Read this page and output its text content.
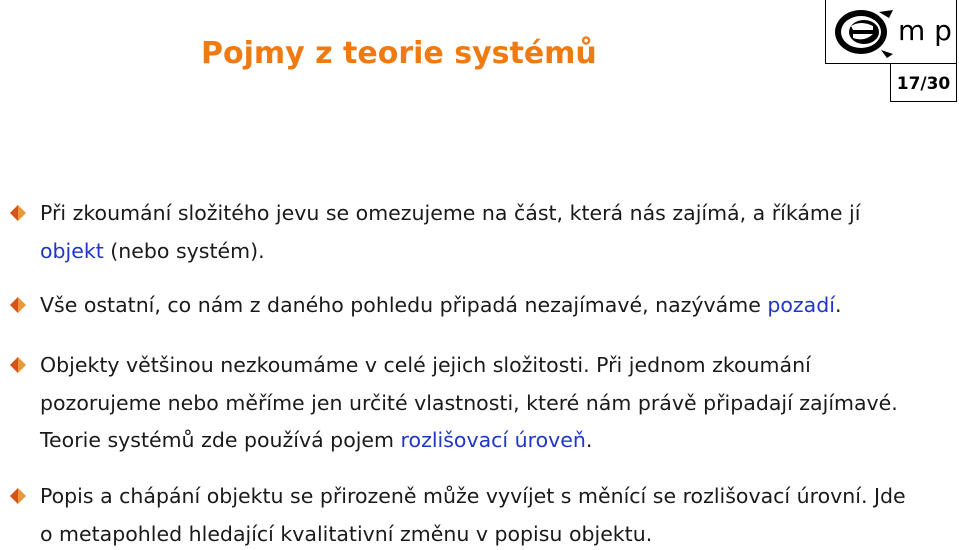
Pojmy z teorie systémů
m p
17/30

Při zkoumání složitého jevu se omezujeme na část, která nás zajímá, a říkáme jí objekt (nebo systém).

Vše ostatní, co nám z daného pohledu připadá nezajímavé, nazýváme pozadí.

Objekty většinou nezkoumáme v celé jejich složitosti. Při jednom zkoumání pozorujeme nebo měříme jen určité vlastnosti, které nám právě připadají zajímavé. Teorie systémů zde používá pojem rozlišovací úroveň.

Popis a chápání objektu se přirozeně může vyvíjet s měnící se rozlišovací úrovní. Jde o metapohled hledající kvalitativní změnu v popisu objektu.
